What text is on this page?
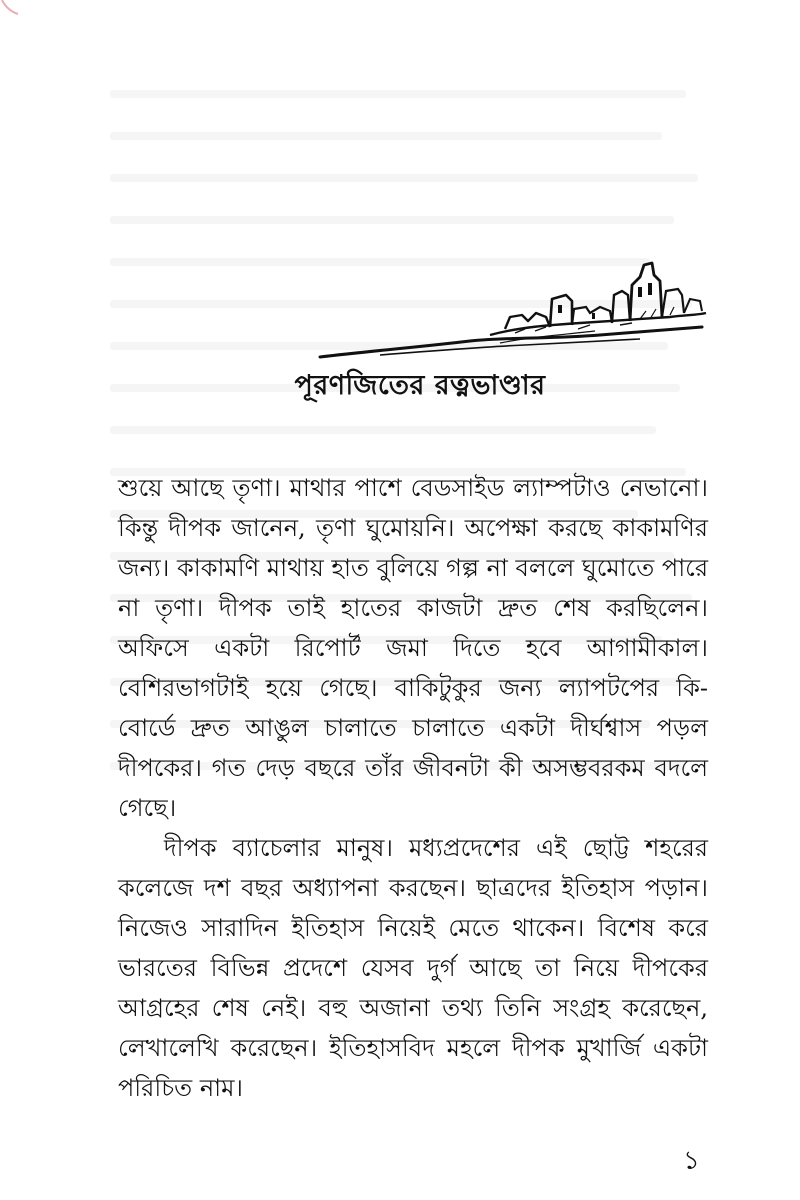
পূরণজিতের রত্নভাণ্ডার

শুয়ে আছে তৃণা। মাথার পাশে বেডসাইড ল্যাম্পটাও নেভানো। কিন্তু দীপক জানেন, তৃণা ঘুমোয়নি। অপেক্ষা করছে কাকামণির জন্য। কাকামণি মাথায় হাত বুলিয়ে গল্প না বললে ঘুমোতে পারে না তৃণা। দীপক তাই হাতের কাজটা দ্রুত শেষ করছিলেন। অফিসে একটা রিপোর্ট জমা দিতে হবে আগামীকাল। বেশিরভাগটাই হয়ে গেছে। বাকিটুকুর জন্য ল্যাপটপের কি-বোর্ডে দ্রুত আঙুল চালাতে চালাতে একটা দীর্ঘশ্বাস পড়ল দীপকের। গত দেড় বছরে তাঁর জীবনটা কী অসম্ভবরকম বদলে গেছে।

দীপক ব্যাচেলার মানুষ। মধ্যপ্রদেশের এই ছোট্ট শহরের কলেজে দশ বছর অধ্যাপনা করছেন। ছাত্রদের ইতিহাস পড়ান। নিজেও সারাদিন ইতিহাস নিয়েই মেতে থাকেন। বিশেষ করে ভারতের বিভিন্ন প্রদেশে যেসব দুর্গ আছে তা নিয়ে দীপকের আগ্রহের শেষ নেই। বহু অজানা তথ্য তিনি সংগ্রহ করেছেন, লেখালেখি করেছেন। ইতিহাসবিদ মহলে দীপক মুখার্জি একটা পরিচিত নাম।

১
